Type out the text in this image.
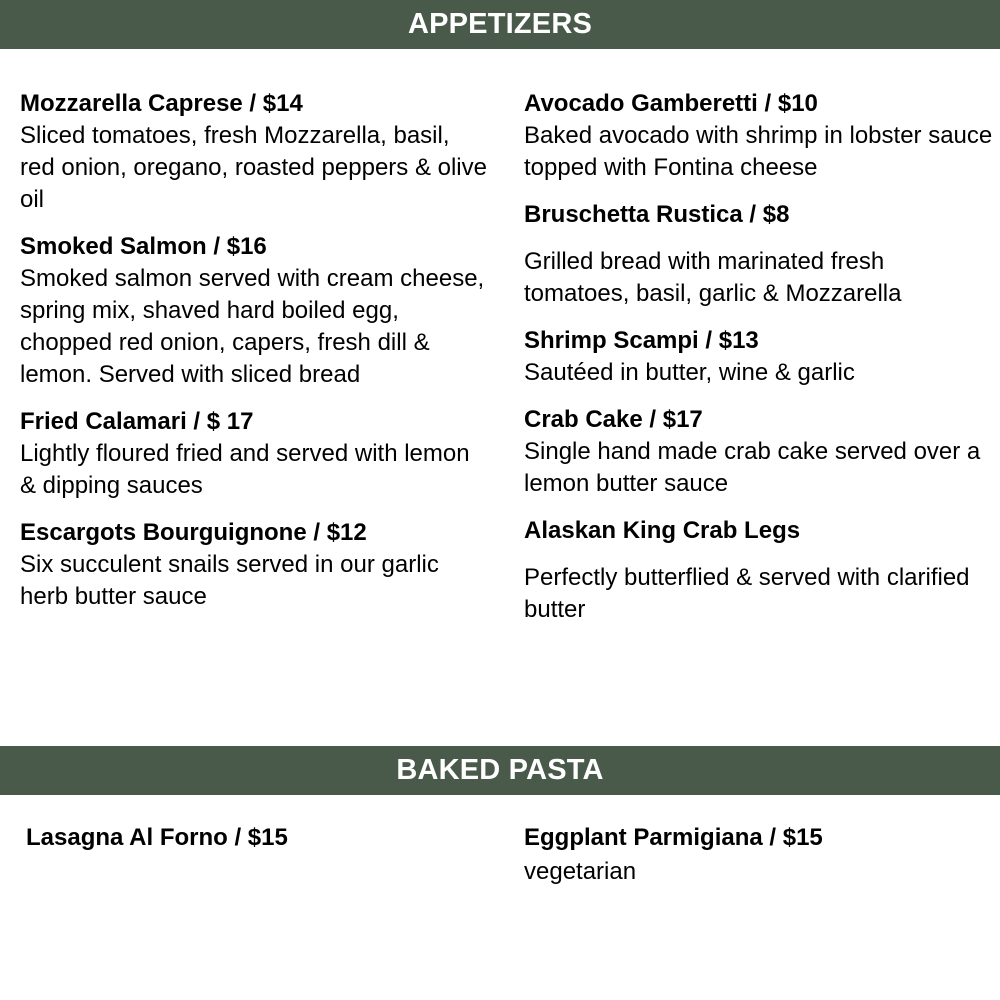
APPETIZERS
Mozzarella Caprese / $14
Sliced tomatoes, fresh Mozzarella, basil, red onion, oregano, roasted peppers & olive oil
Smoked Salmon / $16
Smoked salmon served with cream cheese, spring mix, shaved hard boiled egg, chopped red onion, capers, fresh dill & lemon. Served with sliced bread
Fried Calamari / $ 17
Lightly floured fried and served with lemon & dipping sauces
Escargots Bourguignone / $12
Six succulent snails served in our garlic herb butter sauce
Avocado Gamberetti / $10
Baked avocado with shrimp in lobster sauce topped with Fontina cheese
Bruschetta Rustica / $8
Grilled bread with marinated fresh tomatoes, basil, garlic & Mozzarella
Shrimp Scampi / $13
Sautéed in butter, wine & garlic
Crab Cake / $17
Single hand made crab cake served over a lemon butter sauce
Alaskan King Crab Legs
Perfectly butterflied & served with clarified butter
BAKED PASTA
Lasagna Al Forno / $15	Eggplant Parmigiana / $15
vegetarian
